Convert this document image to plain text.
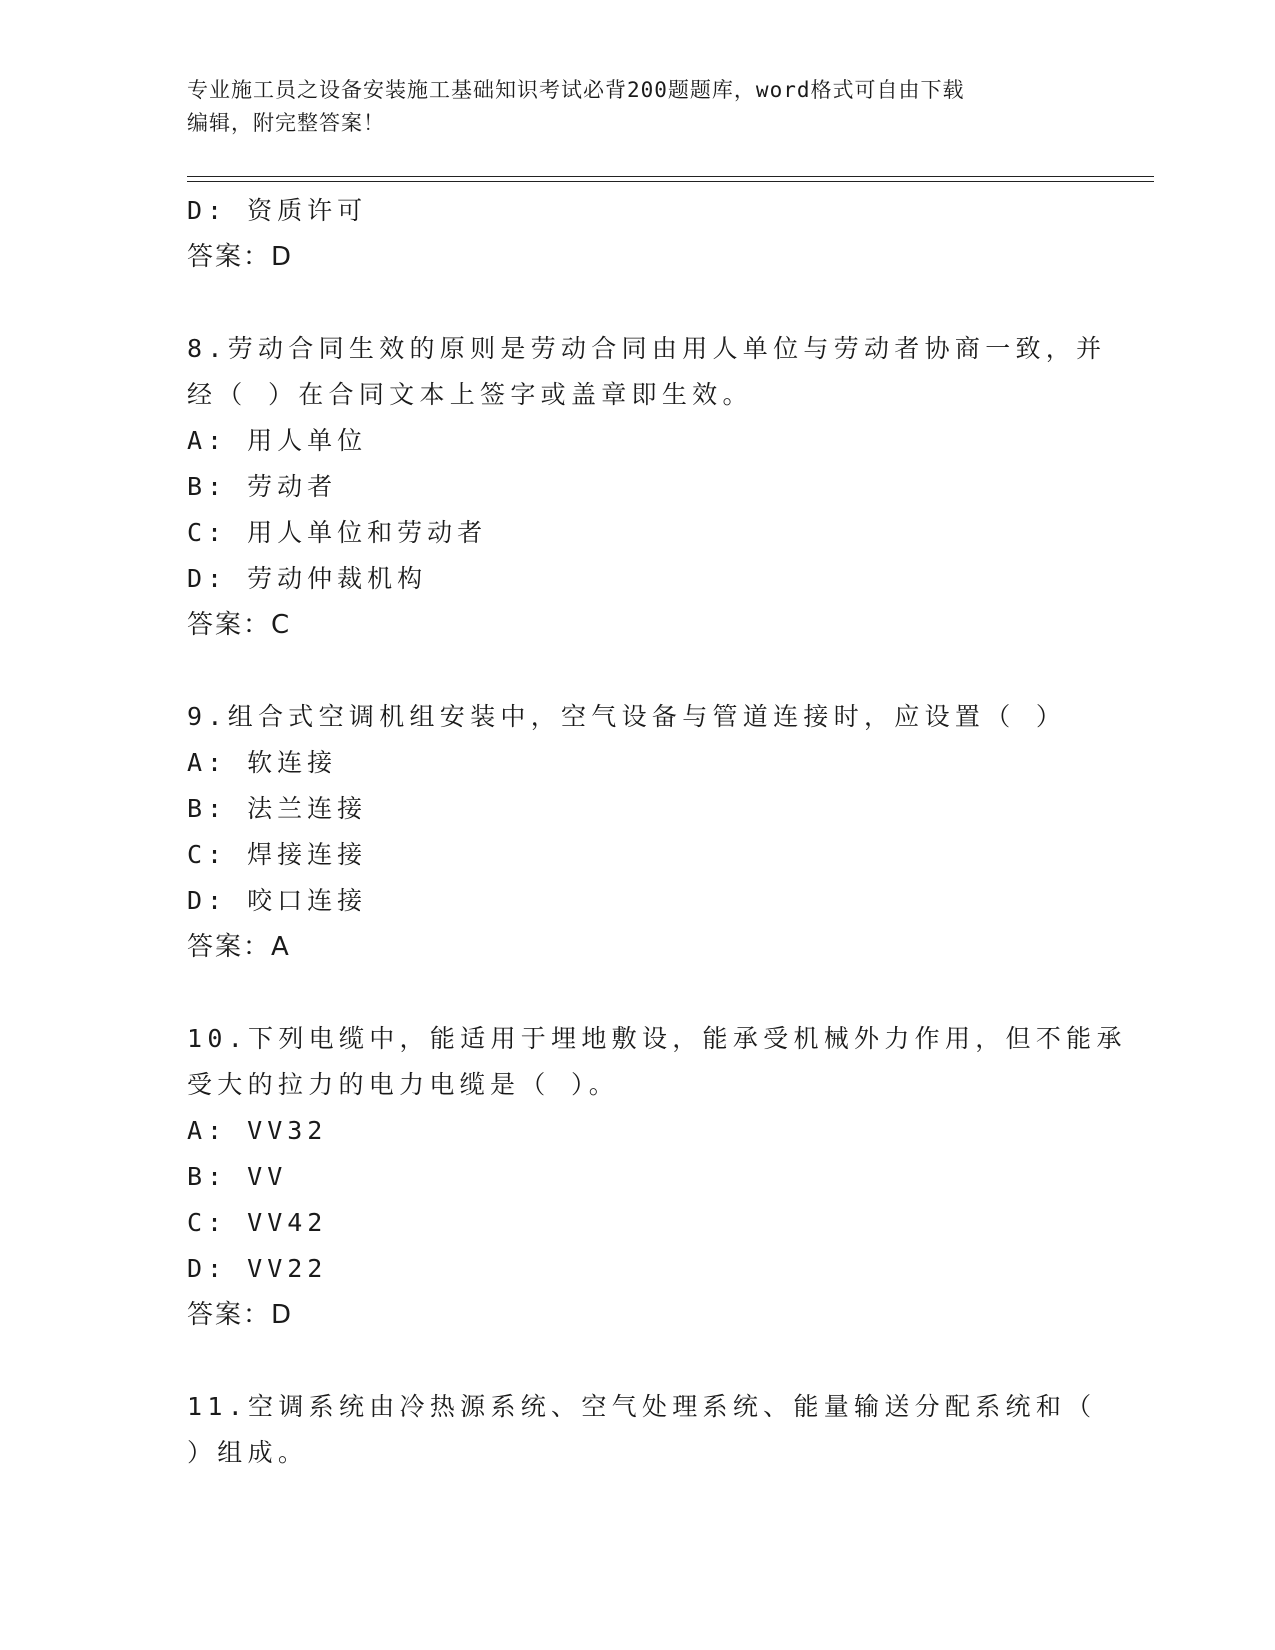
专业施工员之设备安装施工基础知识考试必背200题题库，word格式可自由下载
编辑，附完整答案！
D: 资质许可
答案：D
8.劳动合同生效的原则是劳动合同由用人单位与劳动者协商一致，并
经（ ）在合同文本上签字或盖章即生效。
A: 用人单位
B: 劳动者
C: 用人单位和劳动者
D: 劳动仲裁机构
答案：C
9.组合式空调机组安装中，空气设备与管道连接时，应设置（ ）
A: 软连接
B: 法兰连接
C: 焊接连接
D: 咬口连接
答案：A
10.下列电缆中，能适用于埋地敷设，能承受机械外力作用，但不能承
受大的拉力的电力电缆是（ ）。
A: VV32
B: VV
C: VV42
D: VV22
答案：D
11.空调系统由冷热源系统、空气处理系统、能量输送分配系统和（
）组成。
